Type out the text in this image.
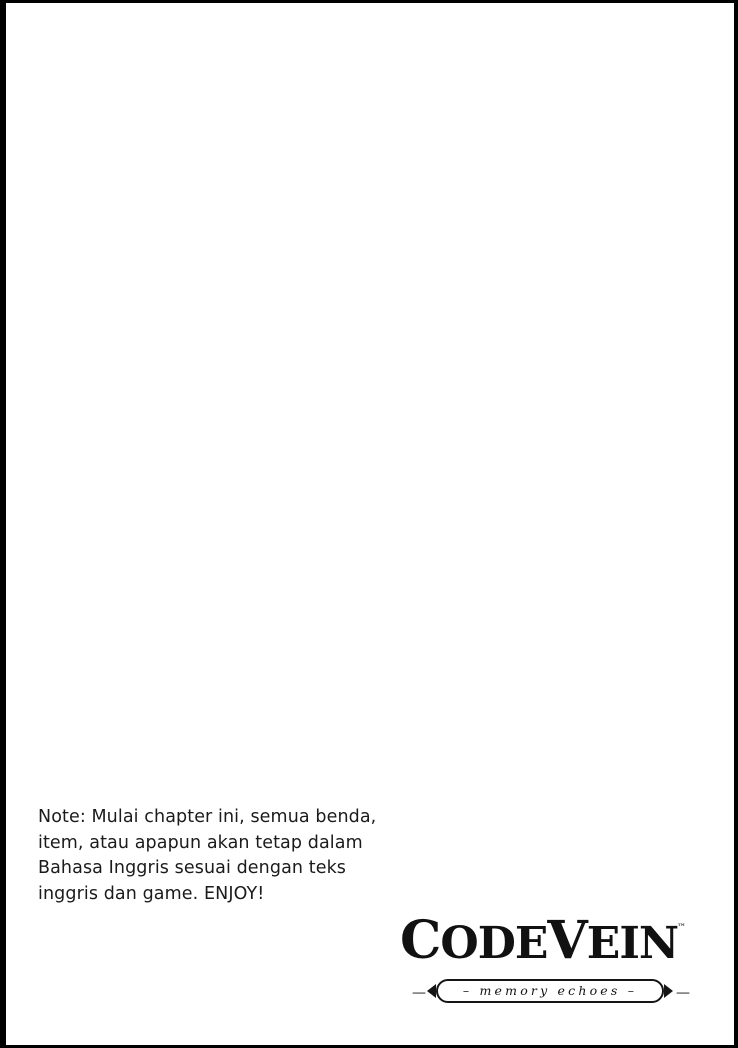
Note: Mulai chapter ini, semua benda, item, atau apapun akan tetap dalam Bahasa Inggris sesuai dengan teks inggris dan game. ENJOY!
CODEVEIN
™
—	—
– memory echoes –
